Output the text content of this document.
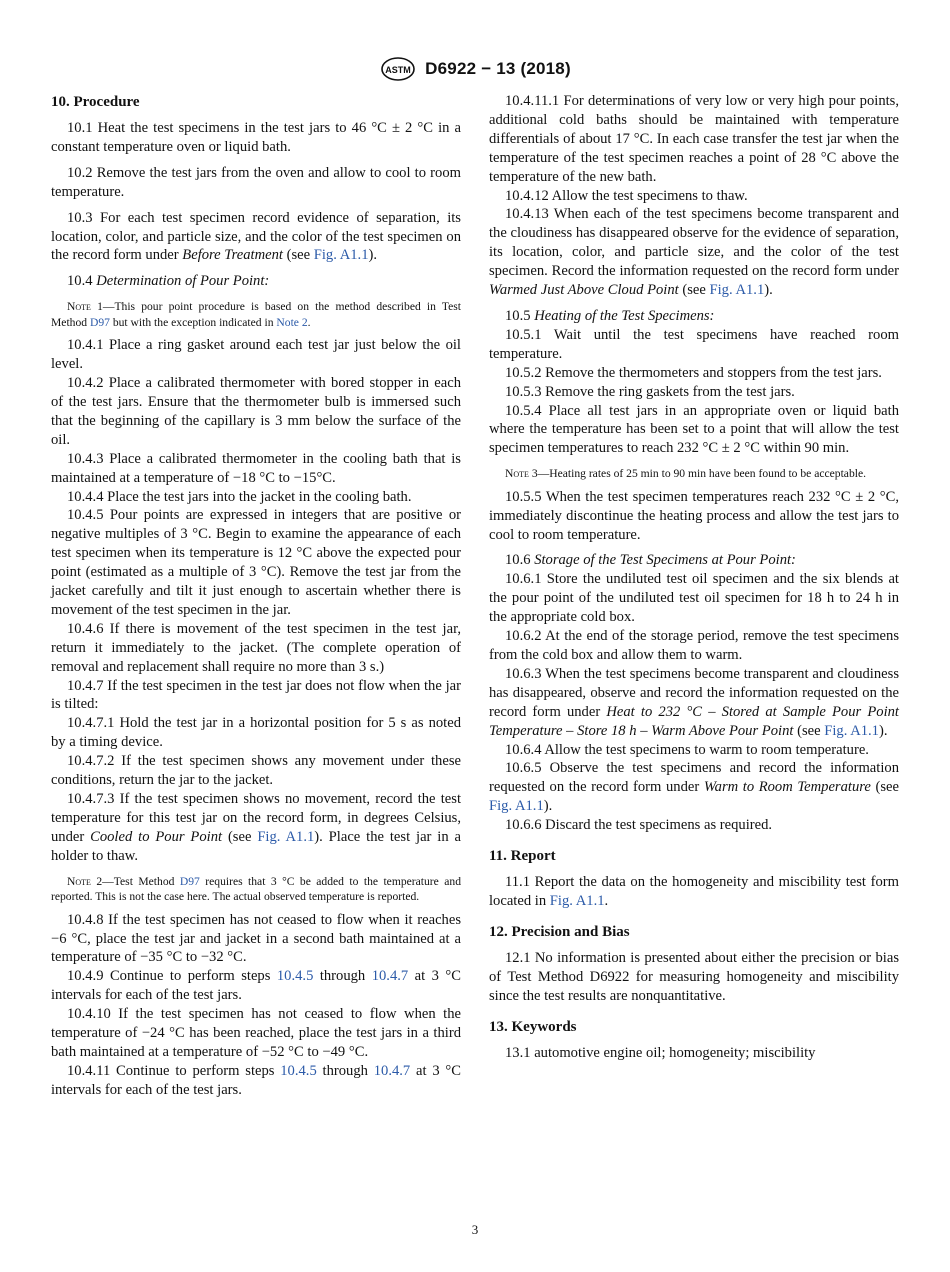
ASTM D6922 − 13 (2018)
10. Procedure

10.1 Heat the test specimens in the test jars to 46 °C ± 2 °C in a constant temperature oven or liquid bath.

10.2 Remove the test jars from the oven and allow to cool to room temperature.

10.3 For each test specimen record evidence of separation, its location, color, and particle size, and the color of the test specimen on the record form under Before Treatment (see Fig. A1.1).

10.4 Determination of Pour Point:

Note 1—This pour point procedure is based on the method described in Test Method D97 but with the exception indicated in Note 2.

10.4.1 Place a ring gasket around each test jar just below the oil level.

10.4.2 Place a calibrated thermometer with bored stopper in each of the test jars. Ensure that the thermometer bulb is immersed such that the beginning of the capillary is 3 mm below the surface of the oil.

10.4.3 Place a calibrated thermometer in the cooling bath that is maintained at a temperature of −18 °C to −15°C.

10.4.4 Place the test jars into the jacket in the cooling bath.

10.4.5 Pour points are expressed in integers that are positive or negative multiples of 3 °C. Begin to examine the appearance of each test specimen when its temperature is 12 °C above the expected pour point (estimated as a multiple of 3 °C). Remove the test jar from the jacket carefully and tilt it just enough to ascertain whether there is movement of the test specimen in the jar.

10.4.6 If there is movement of the test specimen in the test jar, return it immediately to the jacket. (The complete operation of removal and replacement shall require no more than 3 s.)

10.4.7 If the test specimen in the test jar does not flow when the jar is tilted:

10.4.7.1 Hold the test jar in a horizontal position for 5 s as noted by a timing device.

10.4.7.2 If the test specimen shows any movement under these conditions, return the jar to the jacket.

10.4.7.3 If the test specimen shows no movement, record the test temperature for this test jar on the record form, in degrees Celsius, under Cooled to Pour Point (see Fig. A1.1). Place the test jar in a holder to thaw.

Note 2—Test Method D97 requires that 3 °C be added to the temperature and reported. This is not the case here. The actual observed temperature is reported.

10.4.8 If the test specimen has not ceased to flow when it reaches −6 °C, place the test jar and jacket in a second bath maintained at a temperature of −35 °C to −32 °C.

10.4.9 Continue to perform steps 10.4.5 through 10.4.7 at 3 °C intervals for each of the test jars.

10.4.10 If the test specimen has not ceased to flow when the temperature of −24 °C has been reached, place the test jars in a third bath maintained at a temperature of −52 °C to −49 °C.

10.4.11 Continue to perform steps 10.4.5 through 10.4.7 at 3 °C intervals for each of the test jars.

10.4.11.1 For determinations of very low or very high pour points, additional cold baths should be maintained with temperature differentials of about 17 °C. In each case transfer the test jar when the temperature of the test specimen reaches a point of 28 °C above the temperature of the new bath.

10.4.12 Allow the test specimens to thaw.

10.4.13 When each of the test specimens become transparent and the cloudiness has disappeared observe for the evidence of separation, its location, color, and particle size, and the color of the test specimen. Record the information requested on the record form under Warmed Just Above Cloud Point (see Fig. A1.1).

10.5 Heating of the Test Specimens:

10.5.1 Wait until the test specimens have reached room temperature.

10.5.2 Remove the thermometers and stoppers from the test jars.

10.5.3 Remove the ring gaskets from the test jars.

10.5.4 Place all test jars in an appropriate oven or liquid bath where the temperature has been set to a point that will allow the test specimen temperatures to reach 232 °C ± 2 °C within 90 min.

Note 3—Heating rates of 25 min to 90 min have been found to be acceptable.

10.5.5 When the test specimen temperatures reach 232 °C ± 2 °C, immediately discontinue the heating process and allow the test jars to cool to room temperature.

10.6 Storage of the Test Specimens at Pour Point:

10.6.1 Store the undiluted test oil specimen and the six blends at the pour point of the undiluted test oil specimen for 18 h to 24 h in the appropriate cold box.

10.6.2 At the end of the storage period, remove the test specimens from the cold box and allow them to warm.

10.6.3 When the test specimens become transparent and cloudiness has disappeared, observe and record the information requested on the record form under Heat to 232 °C – Stored at Sample Pour Point Temperature – Store 18 h – Warm Above Pour Point (see Fig. A1.1).

10.6.4 Allow the test specimens to warm to room temperature.

10.6.5 Observe the test specimens and record the information requested on the record form under Warm to Room Temperature (see Fig. A1.1).

10.6.6 Discard the test specimens as required.

11. Report

11.1 Report the data on the homogeneity and miscibility test form located in Fig. A1.1.

12. Precision and Bias

12.1 No information is presented about either the precision or bias of Test Method D6922 for measuring homogeneity and miscibility since the test results are nonquantitative.

13. Keywords

13.1 automotive engine oil; homogeneity; miscibility

3
